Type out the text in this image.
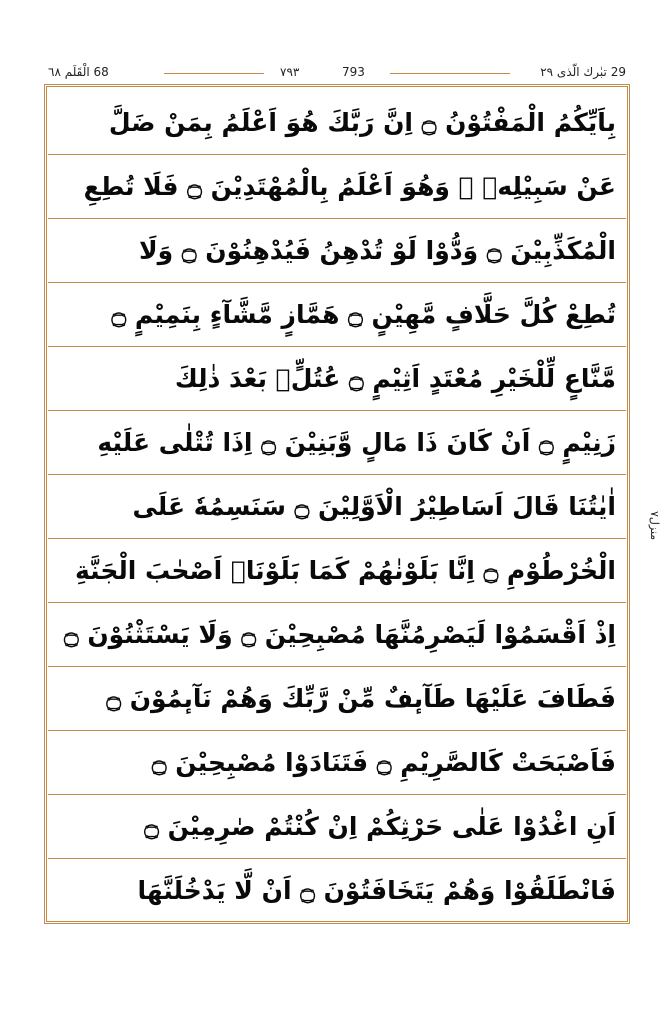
29 تبٰرك الّذی ٢٩
٧٩٣	793
68 الْقَلَم ٦٨
منزل٧
بِاَیِّكُمُ الْمَفْتُوْنُ ۝ اِنَّ رَبَّكَ هُوَ اَعْلَمُ بِمَنْ ضَلَّ
عَنْ سَبِیْلِهٖ ۪ وَهُوَ اَعْلَمُ بِالْمُهْتَدِیْنَ ۝ فَلَا تُطِعِ
الْمُكَذِّبِیْنَ ۝ وَدُّوْا لَوْ تُدْهِنُ فَیُدْهِنُوْنَ ۝ وَلَا
تُطِعْ كُلَّ حَلَّافٍ مَّهِیْنٍ ۝ هَمَّازٍ مَّشَّآءٍ بِنَمِیْمٍ ۝
مَّنَّاعٍ لِّلْخَیْرِ مُعْتَدٍ اَثِیْمٍ ۝ عُتُلٍّۭ بَعْدَ ذٰلِكَ
زَنِیْمٍ ۝ اَنْ كَانَ ذَا مَالٍ وَّبَنِیْنَ ۝ اِذَا تُتْلٰى عَلَیْهِ
اٰیٰتُنَا قَالَ اَسَاطِیْرُ الْاَوَّلِیْنَ ۝ سَنَسِمُهٗ عَلَى
الْخُرْطُوْمِ ۝ اِنَّا بَلَوْنٰهُمْ كَمَا بَلَوْنَاۤ اَصْحٰبَ الْجَنَّةِ
اِذْ اَقْسَمُوْا لَیَصْرِمُنَّهَا مُصْبِحِیْنَ ۝ وَلَا یَسْتَثْنُوْنَ ۝
فَطَافَ عَلَیْهَا طَآىٕفٌ مِّنْ رَّبِّكَ وَهُمْ نَآىٕمُوْنَ ۝
فَاَصْبَحَتْ كَالصَّرِیْمِ ۝ فَتَنَادَوْا مُصْبِحِیْنَ ۝
اَنِ اغْدُوْا عَلٰى حَرْثِكُمْ اِنْ كُنْتُمْ صٰرِمِیْنَ ۝
فَانْطَلَقُوْا وَهُمْ یَتَخَافَتُوْنَ ۝ اَنْ لَّا یَدْخُلَنَّهَا
